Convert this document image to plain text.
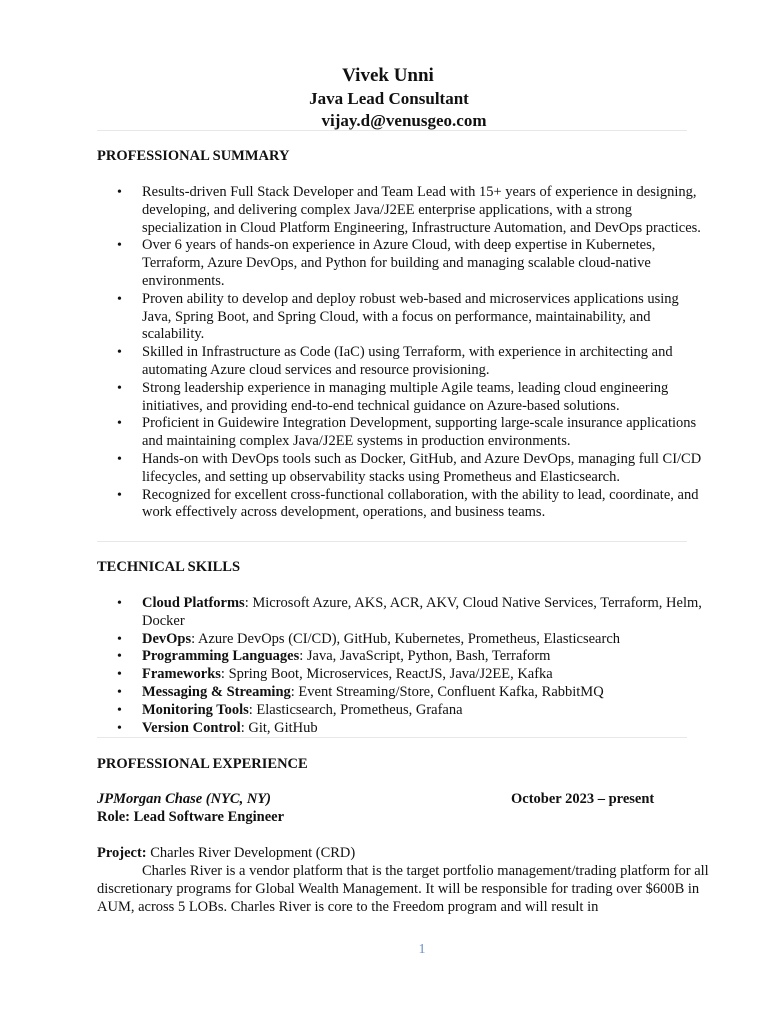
Vivek Unni
Java Lead Consultant
vijay.d@venusgeo.com
PROFESSIONAL SUMMARY
• Results-driven Full Stack Developer and Team Lead with 15+ years of experience in designing, developing, and delivering complex Java/J2EE enterprise applications, with a strong specialization in Cloud Platform Engineering, Infrastructure Automation, and DevOps practices.
• Over 6 years of hands-on experience in Azure Cloud, with deep expertise in Kubernetes, Terraform, Azure DevOps, and Python for building and managing scalable cloud-native environments.
• Proven ability to develop and deploy robust web-based and microservices applications using Java, Spring Boot, and Spring Cloud, with a focus on performance, maintainability, and scalability.
• Skilled in Infrastructure as Code (IaC) using Terraform, with experience in architecting and automating Azure cloud services and resource provisioning.
• Strong leadership experience in managing multiple Agile teams, leading cloud engineering initiatives, and providing end-to-end technical guidance on Azure-based solutions.
• Proficient in Guidewire Integration Development, supporting large-scale insurance applications and maintaining complex Java/J2EE systems in production environments.
• Hands-on with DevOps tools such as Docker, GitHub, and Azure DevOps, managing full CI/CD lifecycles, and setting up observability stacks using Prometheus and Elasticsearch.
• Recognized for excellent cross-functional collaboration, with the ability to lead, coordinate, and work effectively across development, operations, and business teams.
TECHNICAL SKILLS
• Cloud Platforms: Microsoft Azure, AKS, ACR, AKV, Cloud Native Services, Terraform, Helm, Docker
• DevOps: Azure DevOps (CI/CD), GitHub, Kubernetes, Prometheus, Elasticsearch
• Programming Languages: Java, JavaScript, Python, Bash, Terraform
• Frameworks: Spring Boot, Microservices, ReactJS, Java/J2EE, Kafka
• Messaging & Streaming: Event Streaming/Store, Confluent Kafka, RabbitMQ
• Monitoring Tools: Elasticsearch, Prometheus, Grafana
• Version Control: Git, GitHub
PROFESSIONAL EXPERIENCE
JPMorgan Chase (NYC, NY)	October 2023 – present
Role: Lead Software Engineer
Project: Charles River Development (CRD)
Charles River is a vendor platform that is the target portfolio management/trading platform for all discretionary programs for Global Wealth Management. It will be responsible for trading over $600B in AUM, across 5 LOBs. Charles River is core to the Freedom program and will result in
1
